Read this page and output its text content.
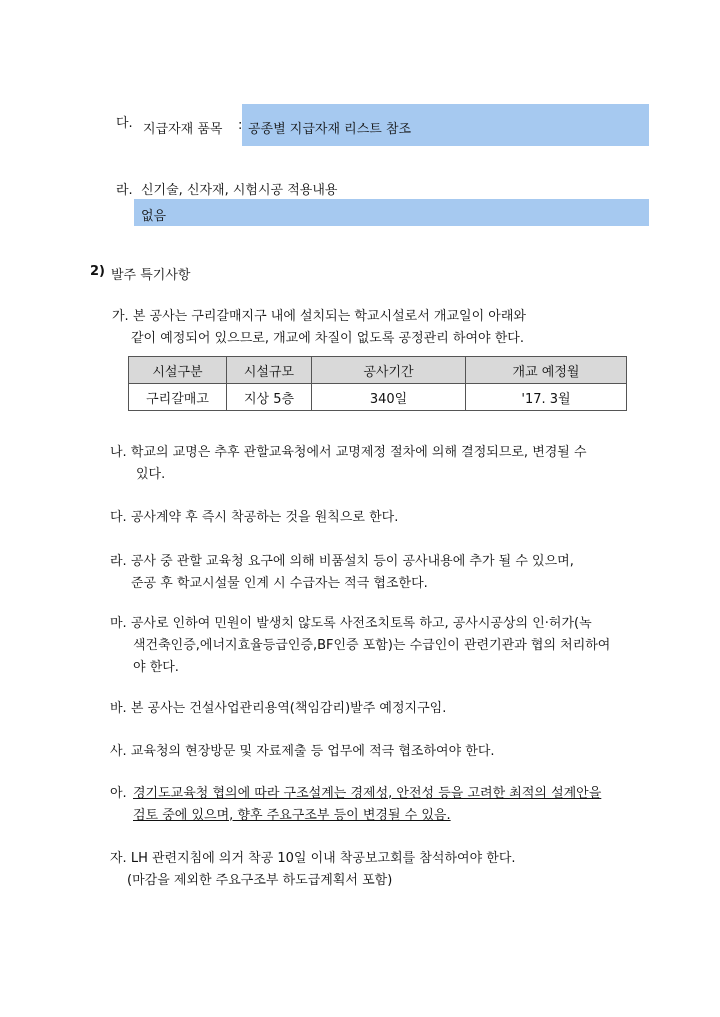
다. 지급자재 품목 : 공종별 지급자재 리스트 참조
라. 신기술, 신자재, 시험시공 적용내용
없음
2) 발주 특기사항
가. 본 공사는 구리갈매지구 내에 설치되는 학교시설로서 개교일이 아래와
같이 예정되어 있으므로, 개교에 차질이 없도록 공정관리 하여야 한다.
시설구분	시설규모	공사기간	개교 예정월
구리갈매고	지상 5층	340일	'17. 3월
나. 학교의 교명은 추후 관할교육청에서 교명제정 절차에 의해 결정되므로, 변경될 수
있다.
다. 공사계약 후 즉시 착공하는 것을 원칙으로 한다.
라. 공사 중 관할 교육청 요구에 의해 비품설치 등이 공사내용에 추가 될 수 있으며,
준공 후 학교시설물 인계 시 수급자는 적극 협조한다.
마. 공사로 인하여 민원이 발생치 않도록 사전조치토록 하고, 공사시공상의 인·허가(녹
색건축인증,에너지효율등급인증,BF인증 포함)는 수급인이 관련기관과 협의 처리하여
야 한다.
바. 본 공사는 건설사업관리용역(책임감리)발주 예정지구임.
사. 교육청의 현장방문 및 자료제출 등 업무에 적극 협조하여야 한다.
아. 경기도교육청 협의에 따라 구조설계는 경제성, 안전성 등을 고려한 최적의 설계안을
검토 중에 있으며, 향후 주요구조부 등이 변경될 수 있음.
자. LH 관련지침에 의거 착공 10일 이내 착공보고회를 참석하여야 한다.
(마감을 제외한 주요구조부 하도급계획서 포함)
